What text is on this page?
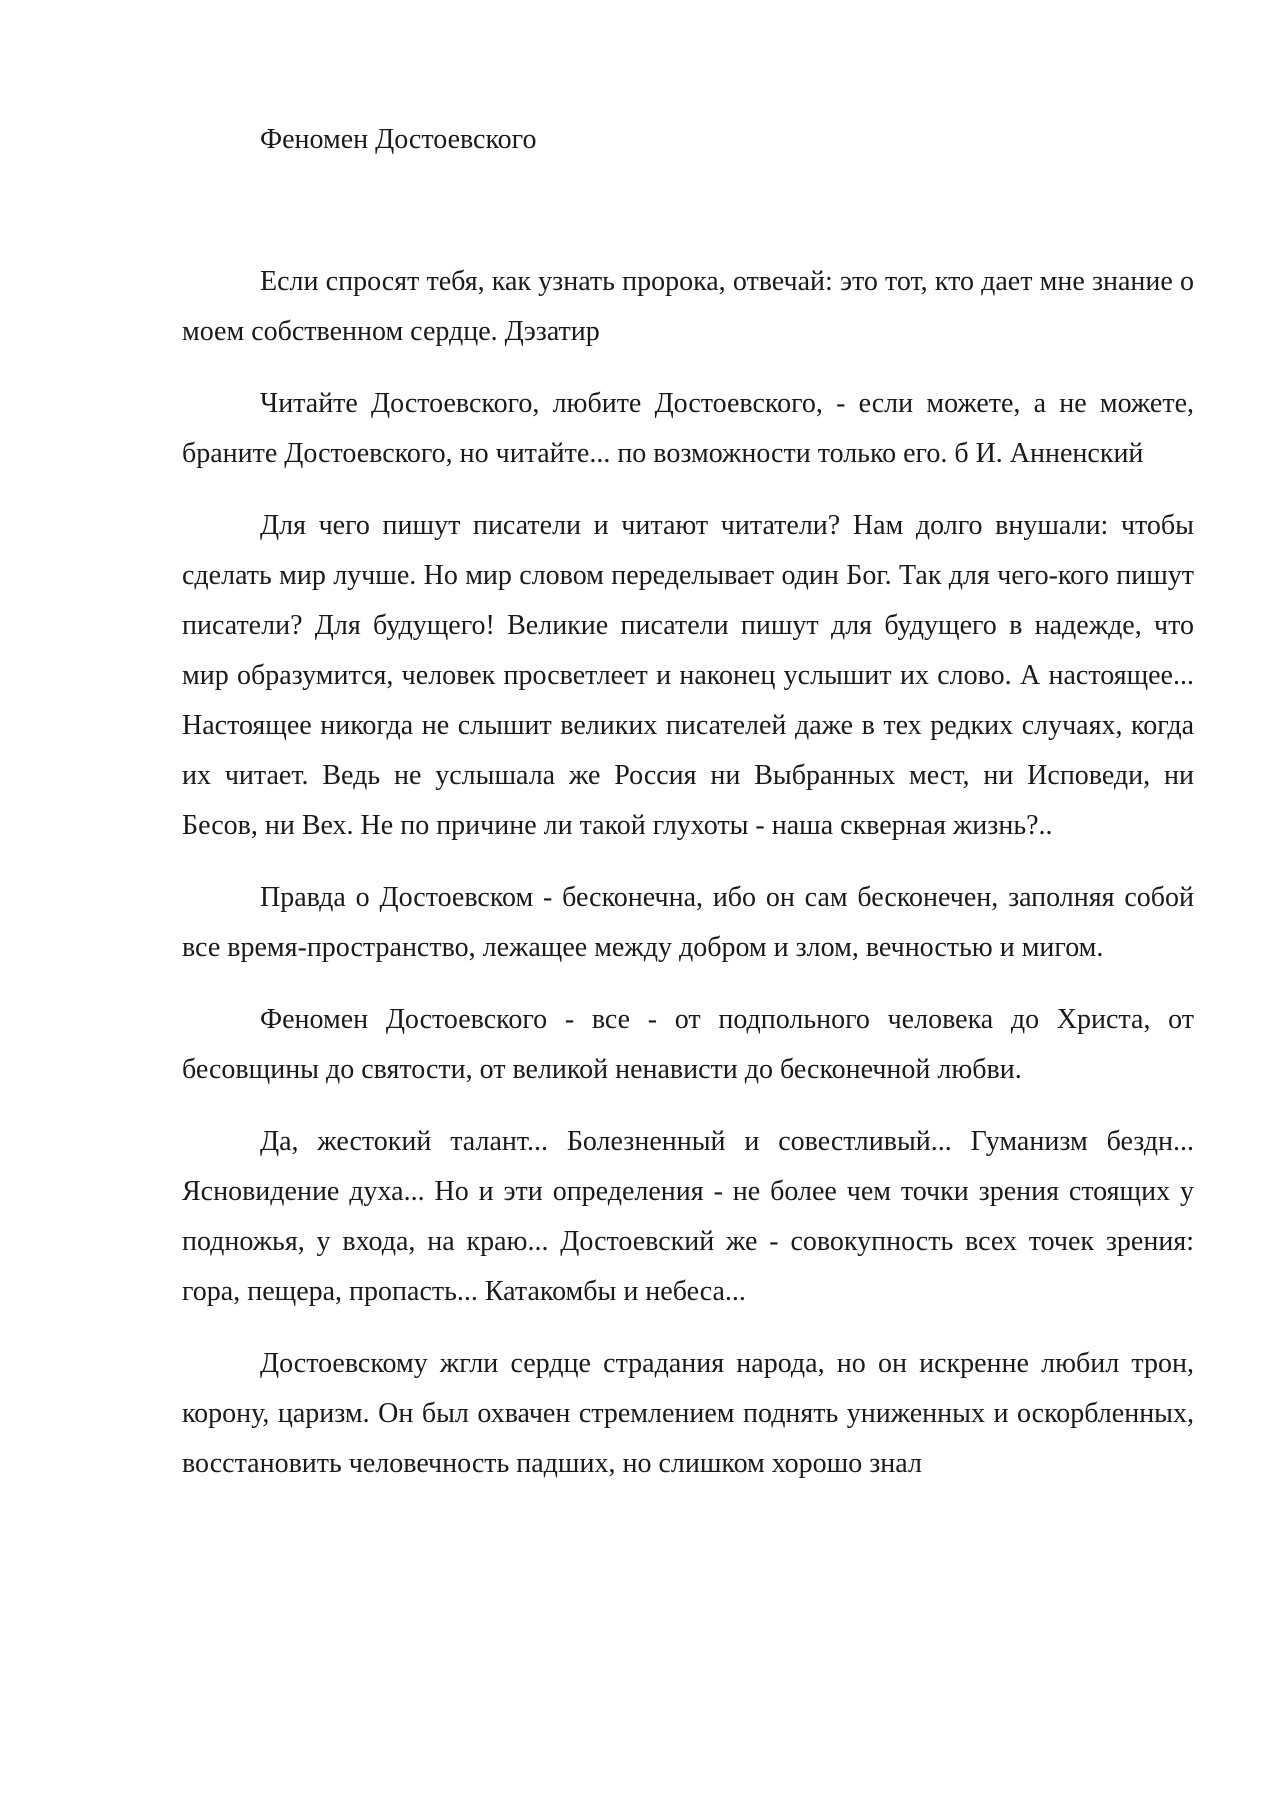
Феномен Достоевского

Если спросят тебя, как узнать пророка, отвечай: это тот, кто дает мне знание о моем собственном сердце. Дэзатир

Читайте Достоевского, любите Достоевского, - если можете, а не можете, браните Достоевского, но читайте... по возможности только его. б И. Анненский

Для чего пишут писатели и читают читатели? Нам долго внушали: чтобы сделать мир лучше. Но мир словом переделывает один Бог. Так для чего-кого пишут писатели? Для будущего! Великие писатели пишут для будущего в надежде, что мир образумится, человек просветлеет и наконец услышит их слово. А настоящее... Настоящее никогда не слышит великих писателей даже в тех редких случаях, когда их читает. Ведь не услышала же Россия ни Выбранных мест, ни Исповеди, ни Бесов, ни Вех. Не по причине ли такой глухоты - наша скверная жизнь?..

Правда о Достоевском - бесконечна, ибо он сам бесконечен, заполняя собой все время-пространство, лежащее между добром и злом, вечностью и мигом.

Феномен Достоевского - все - от подпольного человека до Христа, от бесовщины до святости, от великой ненависти до бесконечной любви.

Да, жестокий талант... Болезненный и совестливый... Гуманизм бездн... Ясновидение духа... Но и эти определения - не более чем точки зрения стоящих у подножья, у входа, на краю... Достоевский же - совокупность всех точек зрения: гора, пещера, пропасть... Катакомбы и небеса...

Достоевскому жгли сердце страдания народа, но он искренне любил трон, корону, царизм. Он был охвачен стремлением поднять униженных и оскорбленных, восстановить человечность падших, но слишком хорошо знал
